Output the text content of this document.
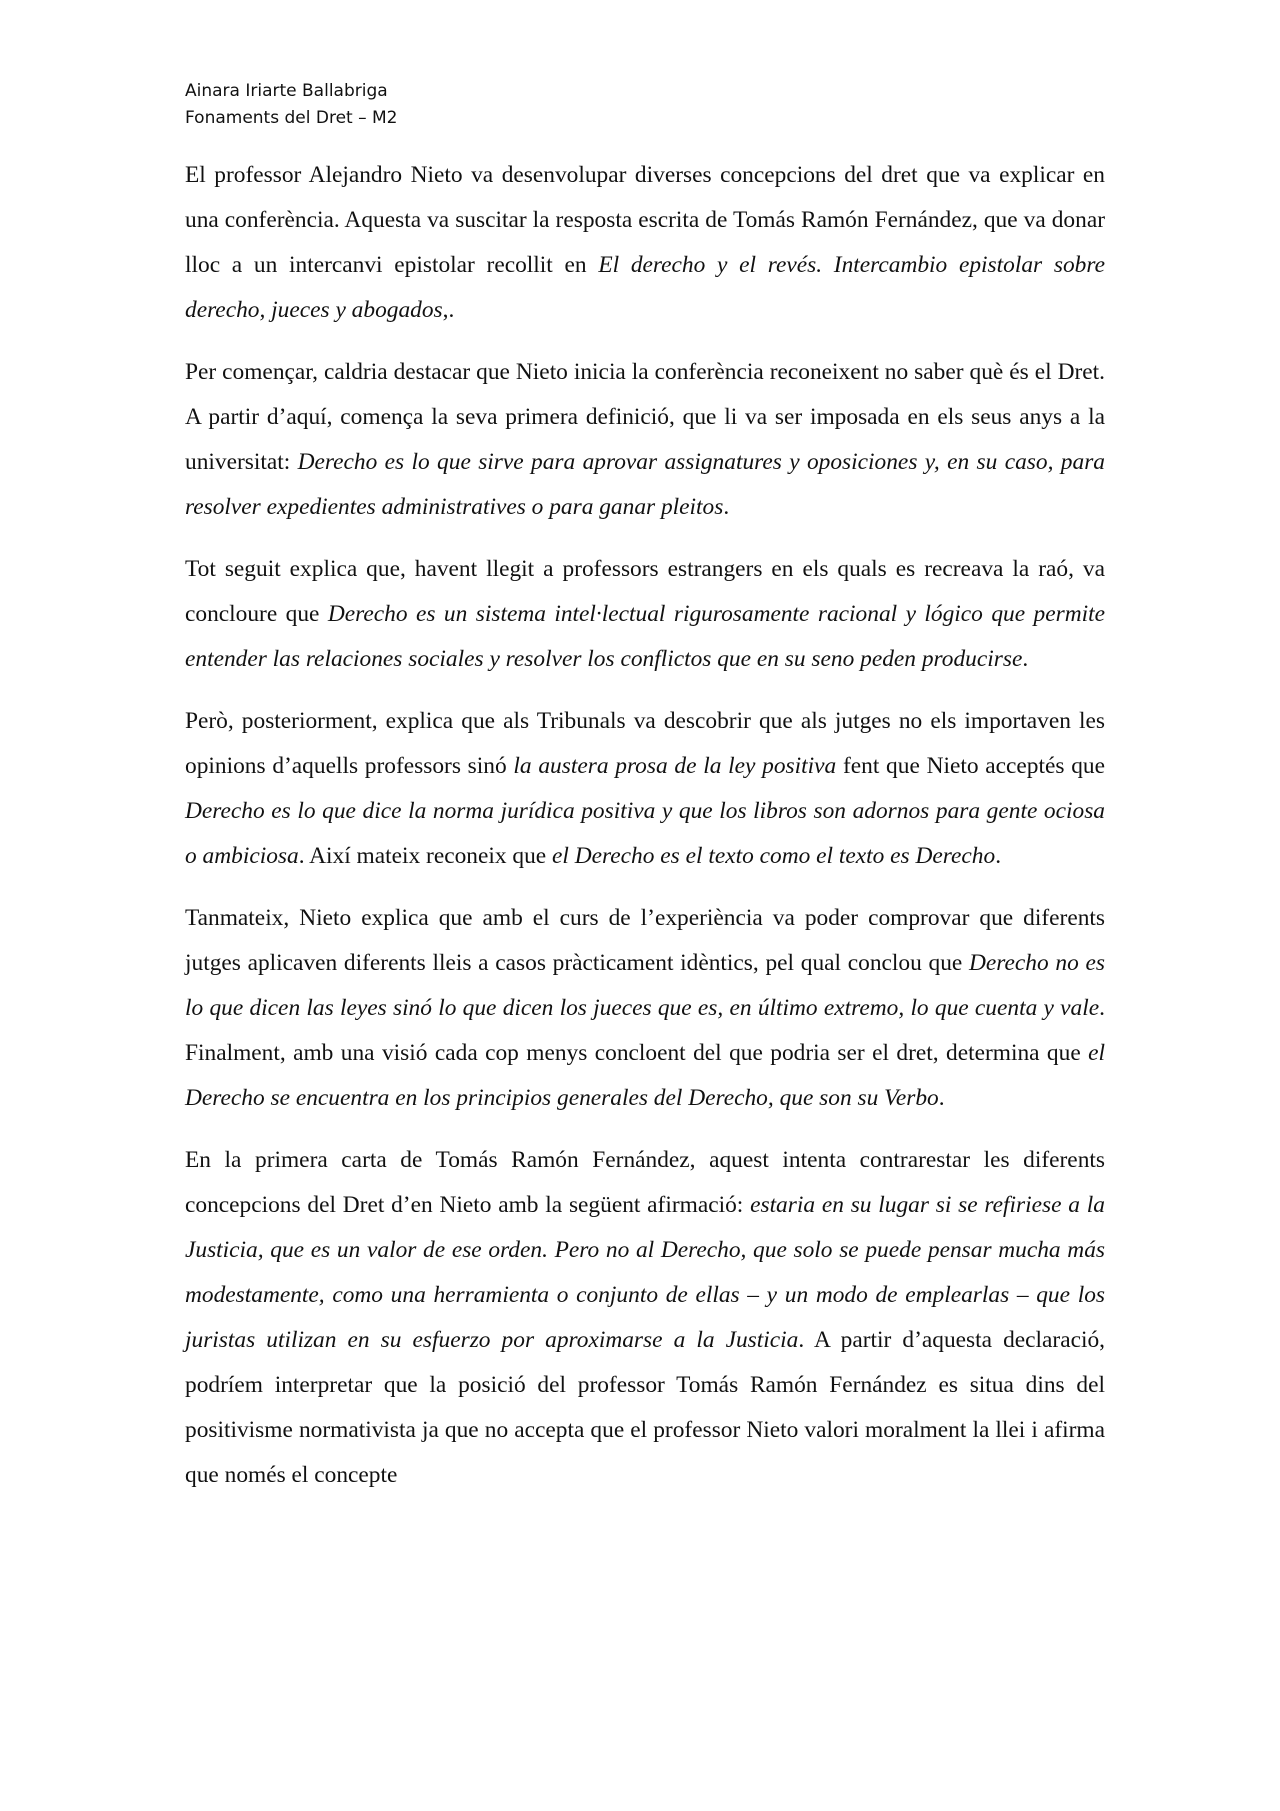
Ainara Iriarte Ballabriga
Fonaments del Dret – M2

El professor Alejandro Nieto va desenvolupar diverses concepcions del dret que va explicar en una conferència. Aquesta va suscitar la resposta escrita de Tomás Ramón Fernández, que va donar lloc a un intercanvi epistolar recollit en El derecho y el revés. Intercambio epistolar sobre derecho, jueces y abogados,.

Per començar, caldria destacar que Nieto inicia la conferència reconeixent no saber què és el Dret. A partir d’aquí, comença la seva primera definició, que li va ser imposada en els seus anys a la universitat: Derecho es lo que sirve para aprovar assignatures y oposiciones y, en su caso, para resolver expedientes administratives o para ganar pleitos.

Tot seguit explica que, havent llegit a professors estrangers en els quals es recreava la raó, va concloure que Derecho es un sistema intel·lectual rigurosamente racional y lógico que permite entender las relaciones sociales y resolver los conflictos que en su seno peden producirse.

Però, posteriorment, explica que als Tribunals va descobrir que als jutges no els importaven les opinions d’aquells professors sinó la austera prosa de la ley positiva fent que Nieto acceptés que Derecho es lo que dice la norma jurídica positiva y que los libros son adornos para gente ociosa o ambiciosa. Així mateix reconeix que el Derecho es el texto como el texto es Derecho.

Tanmateix, Nieto explica que amb el curs de l’experiència va poder comprovar que diferents jutges aplicaven diferents lleis a casos pràcticament idèntics, pel qual conclou que Derecho no es lo que dicen las leyes sinó lo que dicen los jueces que es, en último extremo, lo que cuenta y vale. Finalment, amb una visió cada cop menys concloent del que podria ser el dret, determina que el Derecho se encuentra en los principios generales del Derecho, que son su Verbo.

En la primera carta de Tomás Ramón Fernández, aquest intenta contrarestar les diferents concepcions del Dret d’en Nieto amb la següent afirmació: estaria en su lugar si se refiriese a la Justicia, que es un valor de ese orden. Pero no al Derecho, que solo se puede pensar mucha más modestamente, como una herramienta o conjunto de ellas – y un modo de emplearlas – que los juristas utilizan en su esfuerzo por aproximarse a la Justicia. A partir d’aquesta declaració, podríem interpretar que la posició del professor Tomás Ramón Fernández es situa dins del positivisme normativista ja que no accepta que el professor Nieto valori moralment la llei i afirma que només el concepte
